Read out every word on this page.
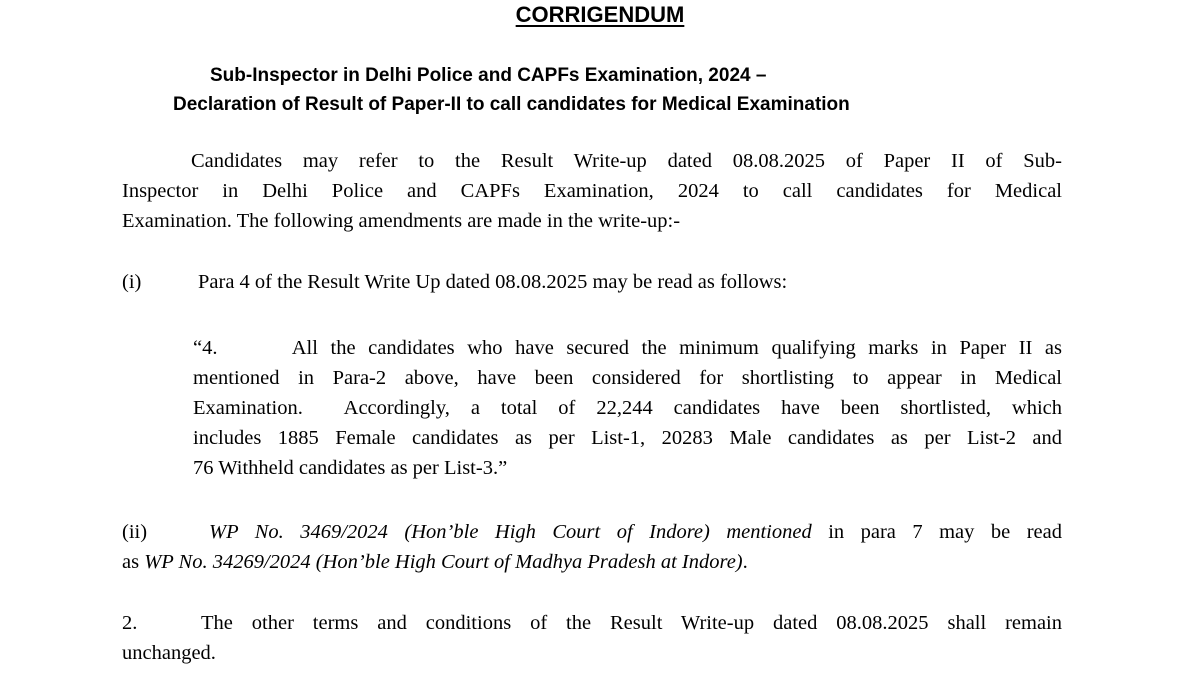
CORRIGENDUM
Sub-Inspector in Delhi Police and CAPFs Examination, 2024 –
Declaration of Result of Paper-II to call candidates for Medical Examination
Candidates may refer to the Result Write-up dated 08.08.2025 of Paper II of Sub-
Inspector in Delhi Police and CAPFs Examination, 2024 to call candidates for Medical
Examination. The following amendments are made in the write-up:-
(i)	Para 4 of the Result Write Up dated 08.08.2025 may be read as follows:
“4.      All the candidates who have secured the minimum qualifying marks in Paper II as
mentioned in Para-2 above, have been considered for shortlisting to appear in Medical
Examination.  Accordingly, a total of 22,244 candidates have been shortlisted, which
includes 1885 Female candidates as per List-1, 20283 Male candidates as per List-2 and
76 Withheld candidates as per List-3.”
(ii)	WP No. 3469/2024 (Hon’ble High Court of Indore) mentioned in para 7 may be read
as WP No. 34269/2024 (Hon’ble High Court of Madhya Pradesh at Indore).
2.	The other terms and conditions of the Result Write-up dated 08.08.2025 shall remain
unchanged.
